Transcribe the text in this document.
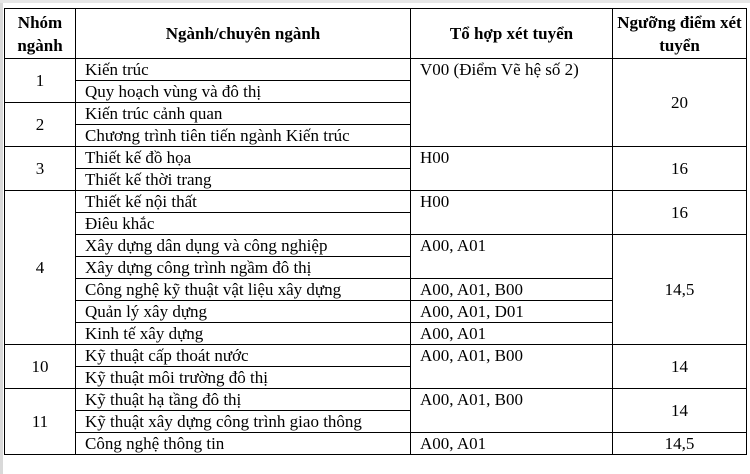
Nhóm ngành	Ngành/chuyên ngành	Tổ hợp xét tuyển	Ngưỡng điểm xét tuyển
1	Kiến trúc	V00 (Điểm Vẽ hệ số 2)	20
	Quy hoạch vùng và đô thị		
2	Kiến trúc cảnh quan		
	Chương trình tiên tiến ngành Kiến trúc		
3	Thiết kế đồ họa	H00	16
	Thiết kế thời trang		
4	Thiết kế nội thất	H00	16
	Điêu khắc		
	Xây dựng dân dụng và công nghiệp	A00, A01	14,5
	Xây dựng công trình ngầm đô thị		
	Công nghệ kỹ thuật vật liệu xây dựng	A00, A01, B00	
	Quản lý xây dựng	A00, A01, D01	
	Kinh tế xây dựng	A00, A01	
10	Kỹ thuật cấp thoát nước	A00, A01, B00	14
	Kỹ thuật môi trường đô thị		
11	Kỹ thuật hạ tầng đô thị	A00, A01, B00	14
	Kỹ thuật xây dựng công trình giao thông		
	Công nghệ thông tin	A00, A01	14,5
